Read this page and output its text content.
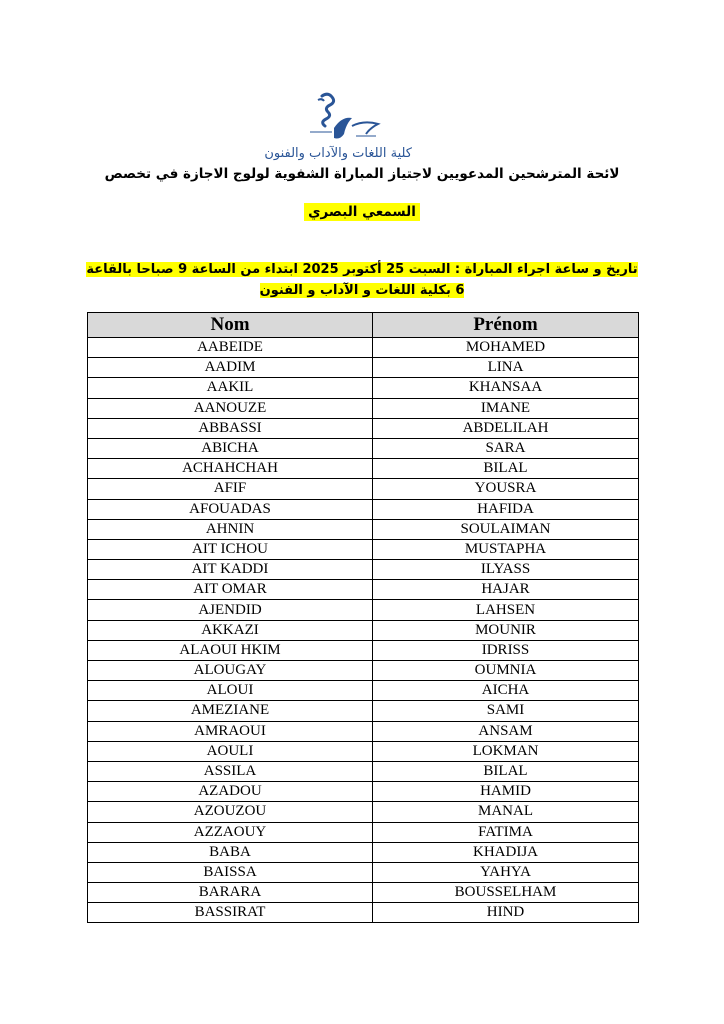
كلية اللغات والآداب والفنون
لائحة المترشحين المدعويين لاجتياز المباراة الشفوية لولوج الاجازة في تخصص
السمعي البصري
تاريخ و ساعة اجراء المباراة : السبت 25 أكتوبر 2025 ابتداء من الساعة 9 صباحا بالقاعة 6 بكلية اللغات و الآداب و الفنون
Nom	Prénom
AABEIDE	MOHAMED
AADIM	LINA
AAKIL	KHANSAA
AANOUZE	IMANE
ABBASSI	ABDELILAH
ABICHA	SARA
ACHAHCHAH	BILAL
AFIF	YOUSRA
AFOUADAS	HAFIDA
AHNIN	SOULAIMAN
AIT ICHOU	MUSTAPHA
AIT KADDI	ILYASS
AIT OMAR	HAJAR
AJENDID	LAHSEN
AKKAZI	MOUNIR
ALAOUI HKIM	IDRISS
ALOUGAY	OUMNIA
ALOUI	AICHA
AMEZIANE	SAMI
AMRAOUI	ANSAM
AOULI	LOKMAN
ASSILA	BILAL
AZADOU	HAMID
AZOUZOU	MANAL
AZZAOUY	FATIMA
BABA	KHADIJA
BAISSA	YAHYA
BARARA	BOUSSELHAM
BASSIRAT	HIND
